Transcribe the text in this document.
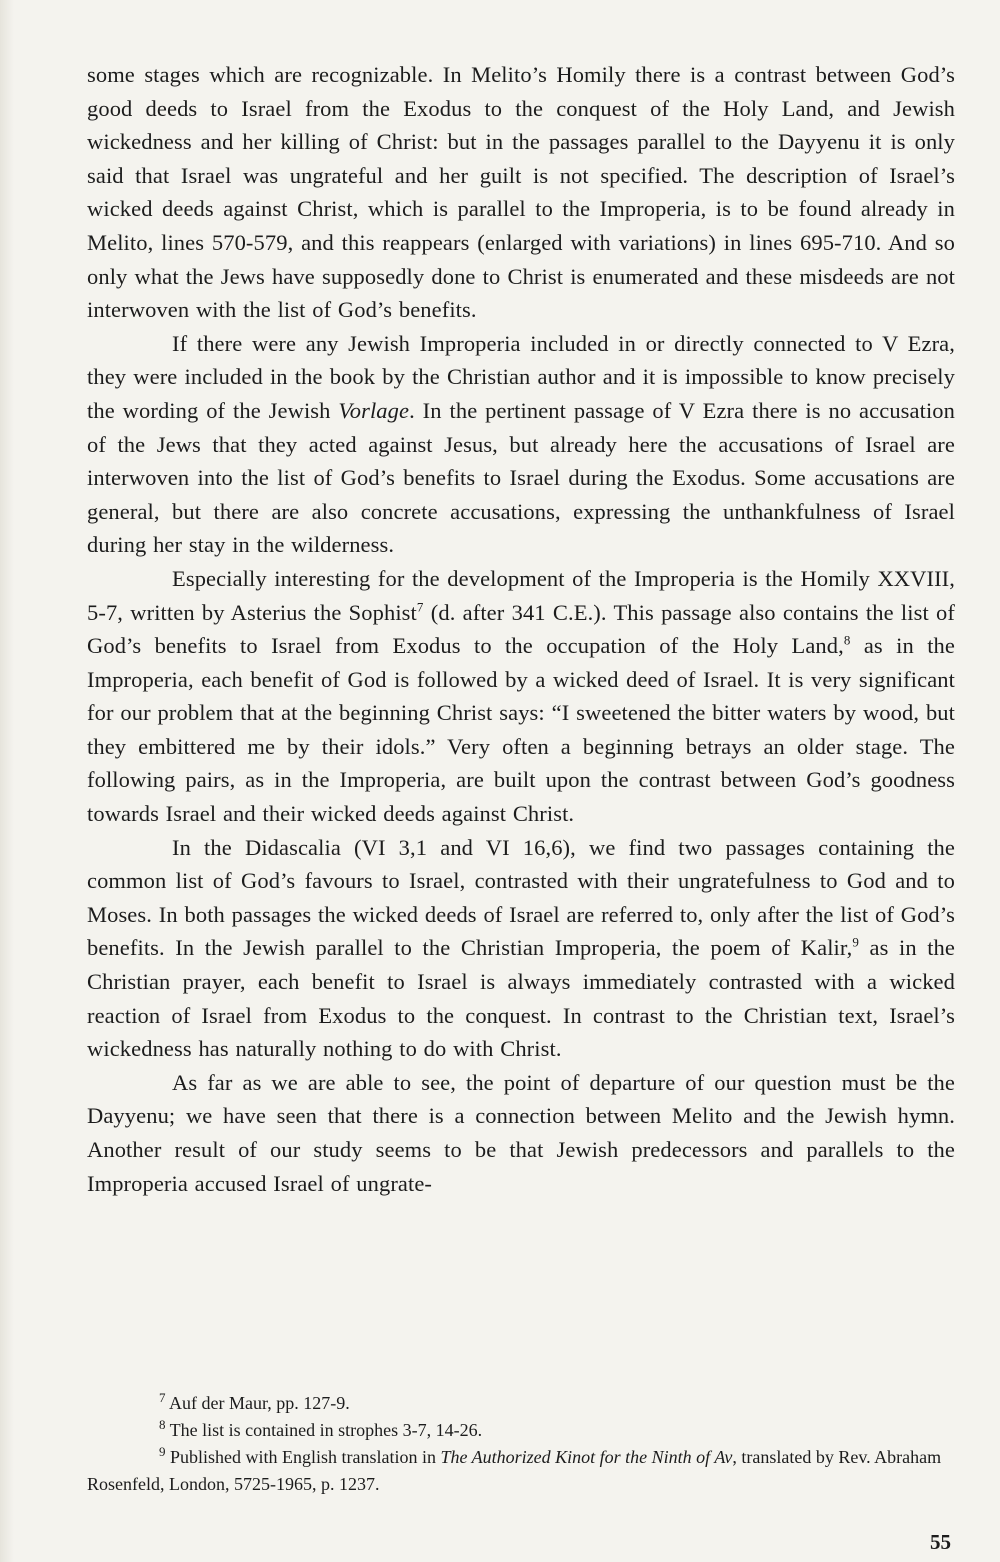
some stages which are recognizable. In Melito’s Homily there is a contrast between God’s good deeds to Israel from the Exodus to the conquest of the Holy Land, and Jewish wickedness and her killing of Christ: but in the passages parallel to the Dayyenu it is only said that Israel was ungrateful and her guilt is not specified. The description of Israel’s wicked deeds against Christ, which is parallel to the Improperia, is to be found already in Melito, lines 570-579, and this reappears (enlarged with variations) in lines 695-710. And so only what the Jews have supposedly done to Christ is enumerated and these misdeeds are not interwoven with the list of God’s benefits.

If there were any Jewish Improperia included in or directly connected to V Ezra, they were included in the book by the Christian author and it is impossible to know precisely the wording of the Jewish Vorlage. In the pertinent passage of V Ezra there is no accusation of the Jews that they acted against Jesus, but already here the accusations of Israel are interwoven into the list of God’s benefits to Israel during the Exodus. Some accusations are general, but there are also concrete accusations, expressing the unthankfulness of Israel during her stay in the wilderness.

Especially interesting for the development of the Improperia is the Homily XXVIII, 5-7, written by Asterius the Sophist$^7$ (d. after 341 C.E.). This passage also contains the list of God’s benefits to Israel from Exodus to the occupation of the Holy Land,$^8$ as in the Improperia, each benefit of God is followed by a wicked deed of Israel. It is very significant for our problem that at the beginning Christ says: “I sweetened the bitter waters by wood, but they embittered me by their idols.” Very often a beginning betrays an older stage. The following pairs, as in the Improperia, are built upon the contrast between God’s goodness towards Israel and their wicked deeds against Christ.

In the Didascalia (VI 3,1 and VI 16,6), we find two passages containing the common list of God’s favours to Israel, contrasted with their ungratefulness to God and to Moses. In both passages the wicked deeds of Israel are referred to, only after the list of God’s benefits. In the Jewish parallel to the Christian Improperia, the poem of Kalir,$^9$ as in the Christian prayer, each benefit to Israel is always immediately contrasted with a wicked reaction of Israel from Exodus to the conquest. In contrast to the Christian text, Israel’s wickedness has naturally nothing to do with Christ.

As far as we are able to see, the point of departure of our question must be the Dayyenu; we have seen that there is a connection between Melito and the Jewish hymn. Another result of our study seems to be that Jewish predecessors and parallels to the Improperia accused Israel of ungrate-

$^7$ Auf der Maur, pp. 127-9.

$^8$ The list is contained in strophes 3-7, 14-26.

$^9$ Published with English translation in The Authorized Kinot for the Ninth of Av, translated by Rev. Abraham Rosenfeld, London, 5725-1965, p. 1237.

55
